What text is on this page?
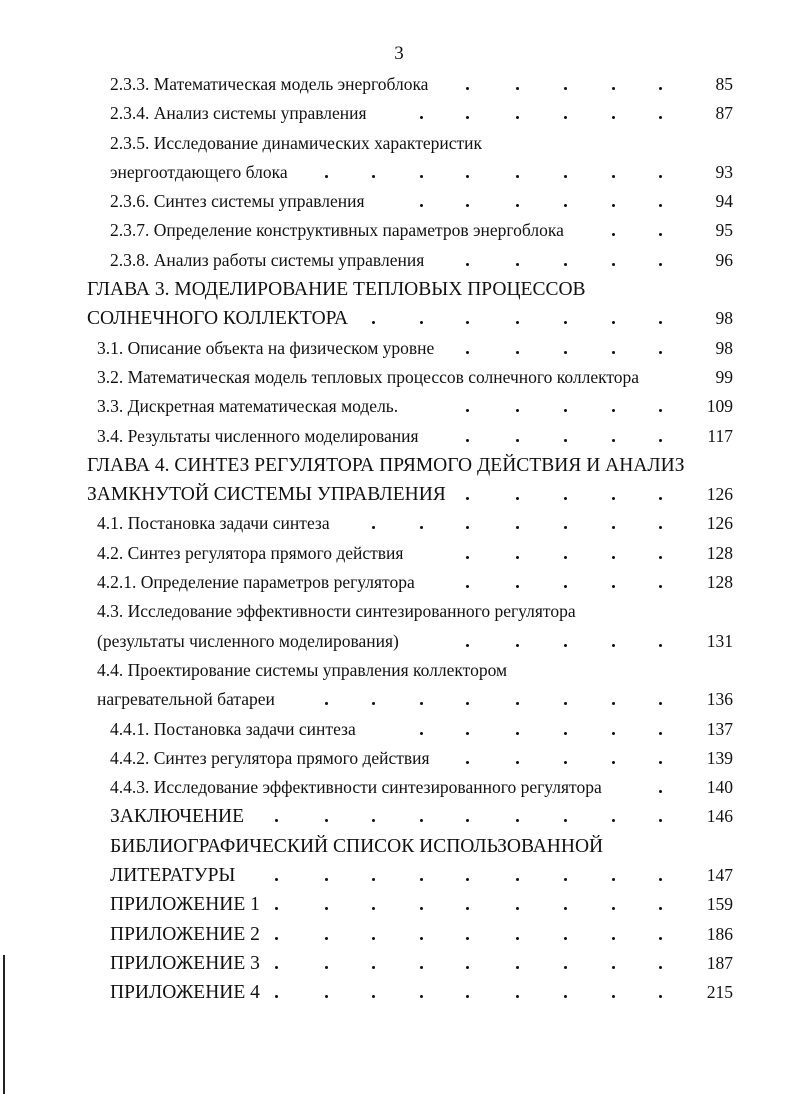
3
2.3.3. Математическая модель энергоблока	85
2.3.4. Анализ системы управления	87
2.3.5. Исследование динамических характеристик
энергоотдающего блока	93
2.3.6. Синтез системы управления	94
2.3.7. Определение конструктивных параметров энергоблока	95
2.3.8. Анализ работы системы управления	96
ГЛАВА 3. МОДЕЛИРОВАНИЕ ТЕПЛОВЫХ ПРОЦЕССОВ
СОЛНЕЧНОГО КОЛЛЕКТОРА	98
3.1. Описание объекта на физическом уровне	98
3.2. Математическая модель тепловых процессов солнечного коллектора	99
3.3. Дискретная математическая модель.	109
3.4. Результаты численного моделирования	117
ГЛАВА 4. СИНТЕЗ РЕГУЛЯТОРА ПРЯМОГО ДЕЙСТВИЯ И АНАЛИЗ
ЗАМКНУТОЙ СИСТЕМЫ УПРАВЛЕНИЯ	126
4.1. Постановка задачи синтеза	126
4.2. Синтез регулятора прямого действия	128
4.2.1. Определение параметров регулятора	128
4.3. Исследование эффективности синтезированного регулятора
(результаты численного моделирования)	131
4.4. Проектирование системы управления коллектором
нагревательной батареи	136
4.4.1. Постановка задачи синтеза	137
4.4.2. Синтез регулятора прямого действия	139
4.4.3. Исследование эффективности синтезированного регулятора	140
ЗАКЛЮЧЕНИЕ	146
БИБЛИОГРАФИЧЕСКИЙ СПИСОК ИСПОЛЬЗОВАННОЙ
ЛИТЕРАТУРЫ	147
ПРИЛОЖЕНИЕ 1	159
ПРИЛОЖЕНИЕ 2	186
ПРИЛОЖЕНИЕ 3	187
ПРИЛОЖЕНИЕ 4	215
